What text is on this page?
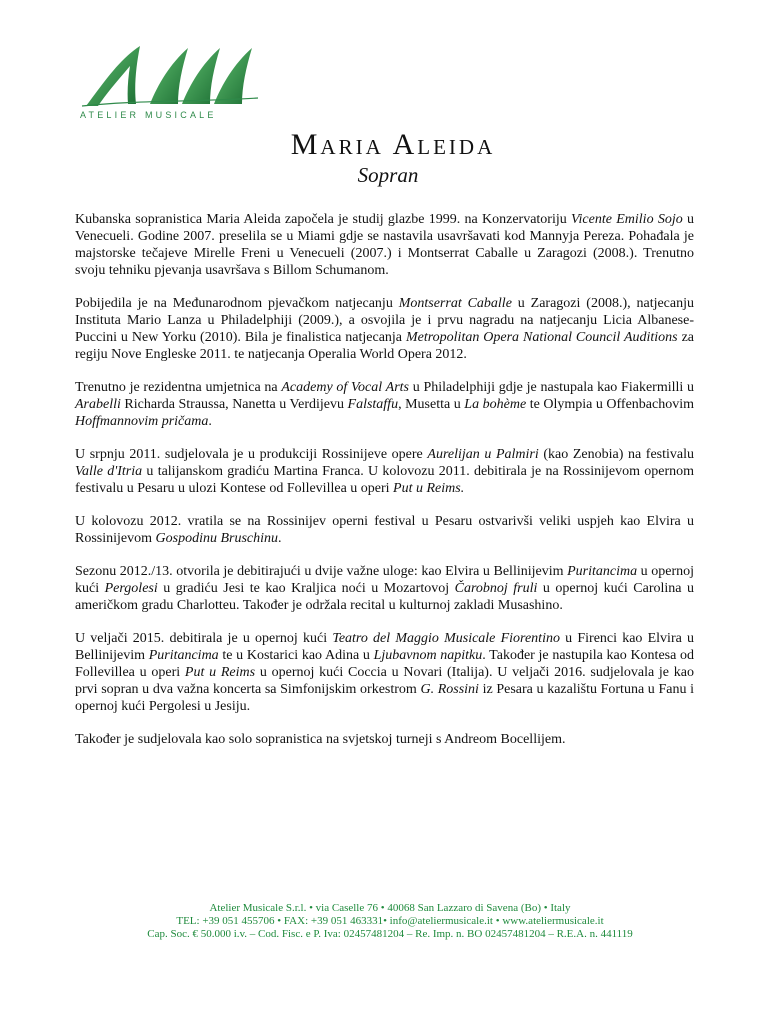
ATELIER MUSICALE
Maria Aleida
Sopran

Kubanska sopranistica Maria Aleida započela je studij glazbe 1999. na Konzervatoriju Vicente Emilio Sojo u Venecueli. Godine 2007. preselila se u Miami gdje se nastavila usavršavati kod Mannyja Pereza. Pohađala je majstorske tečajeve Mirelle Freni u Venecueli (2007.) i Montserrat Caballe u Zaragozi (2008.). Trenutno svoju tehniku pjevanja usavršava s Billom Schumanom.

Pobijedila je na Međunarodnom pjevačkom natjecanju Montserrat Caballe u Zaragozi (2008.), natjecanju Instituta Mario Lanza u Philadelphiji (2009.), a osvojila je i prvu nagradu na natjecanju Licia Albanese-Puccini u New Yorku (2010). Bila je finalistica natjecanja Metropolitan Opera National Council Auditions za regiju Nove Engleske 2011. te natjecanja Operalia World Opera 2012.

Trenutno je rezidentna umjetnica na Academy of Vocal Arts u Philadelphiji gdje je nastupala kao Fiakermilli u Arabelli Richarda Straussa, Nanetta u Verdijevu Falstaffu, Musetta u La bohème te Olympia u Offenbachovim Hoffmannovim pričama.

U srpnju 2011. sudjelovala je u produkciji Rossinijeve opere Aurelijan u Palmiri (kao Zenobia) na festivalu Valle d'Itria u talijanskom gradiću Martina Franca. U kolovozu 2011. debitirala je na Rossinijevom opernom festivalu u Pesaru u ulozi Kontese od Follevillea u operi Put u Reims.

U kolovozu 2012. vratila se na Rossinijev operni festival u Pesaru ostvarivši veliki uspjeh kao Elvira u Rossinijevom Gospodinu Bruschinu.

Sezonu 2012./13. otvorila je debitirajući u dvije važne uloge: kao Elvira u Bellinijevim Puritancima u opernoj kući Pergolesi u gradiću Jesi te kao Kraljica noći u Mozartovoj Čarobnoj fruli u opernoj kući Carolina u američkom gradu Charlotteu. Također je održala recital u kulturnoj zakladi Musashino.

U veljači 2015. debitirala je u opernoj kući Teatro del Maggio Musicale Fiorentino u Firenci kao Elvira u Bellinijevim Puritancima te u Kostarici kao Adina u Ljubavnom napitku. Također je nastupila kao Kontesa od Follevillea u operi Put u Reims u opernoj kući Coccia u Novari (Italija). U veljači 2016. sudjelovala je kao prvi sopran u dva važna koncerta sa Simfonijskim orkestrom G. Rossini iz Pesara u kazalištu Fortuna u Fanu i opernoj kući Pergolesi u Jesiju.

Također je sudjelovala kao solo sopranistica na svjetskoj turneji s Andreom Bocellijem.

Atelier Musicale S.r.l. • via Caselle 76 • 40068 San Lazzaro di Savena (Bo) • Italy
TEL: +39 051 455706 • FAX: +39 051 463331• info@ateliermusicale.it • www.ateliermusicale.it
Cap. Soc. € 50.000 i.v. – Cod. Fisc. e P. Iva: 02457481204 – Re. Imp. n. BO 02457481204 – R.E.A. n. 441119
